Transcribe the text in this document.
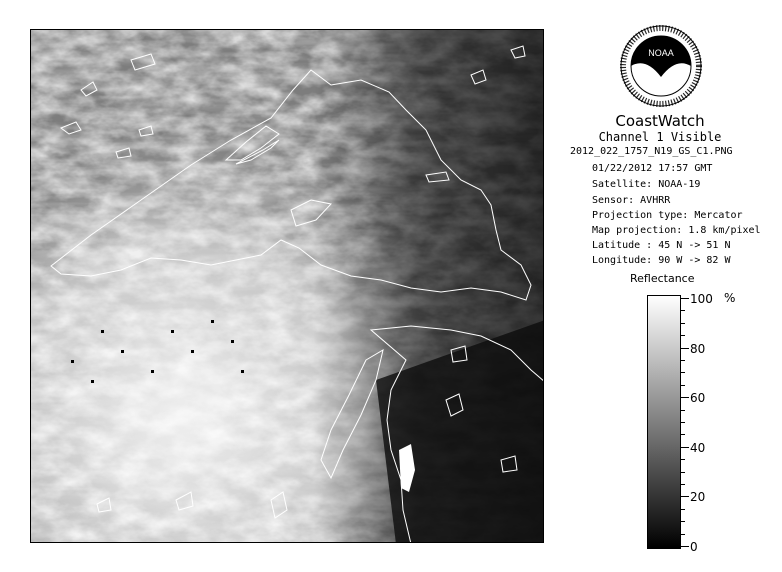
NOAA
CoastWatch
Channel 1 Visible
2012_022_1757_N19_GS_C1.PNG
01/22/2012 17:57 GMT
Satellite: NOAA-19
Sensor: AVHRR
Projection type: Mercator
Map projection: 1.8 km/pixel
Latitude : 45 N -> 51 N
Longitude: 90 W -> 82 W
Reflectance
%
100
80
60
40
20
0
